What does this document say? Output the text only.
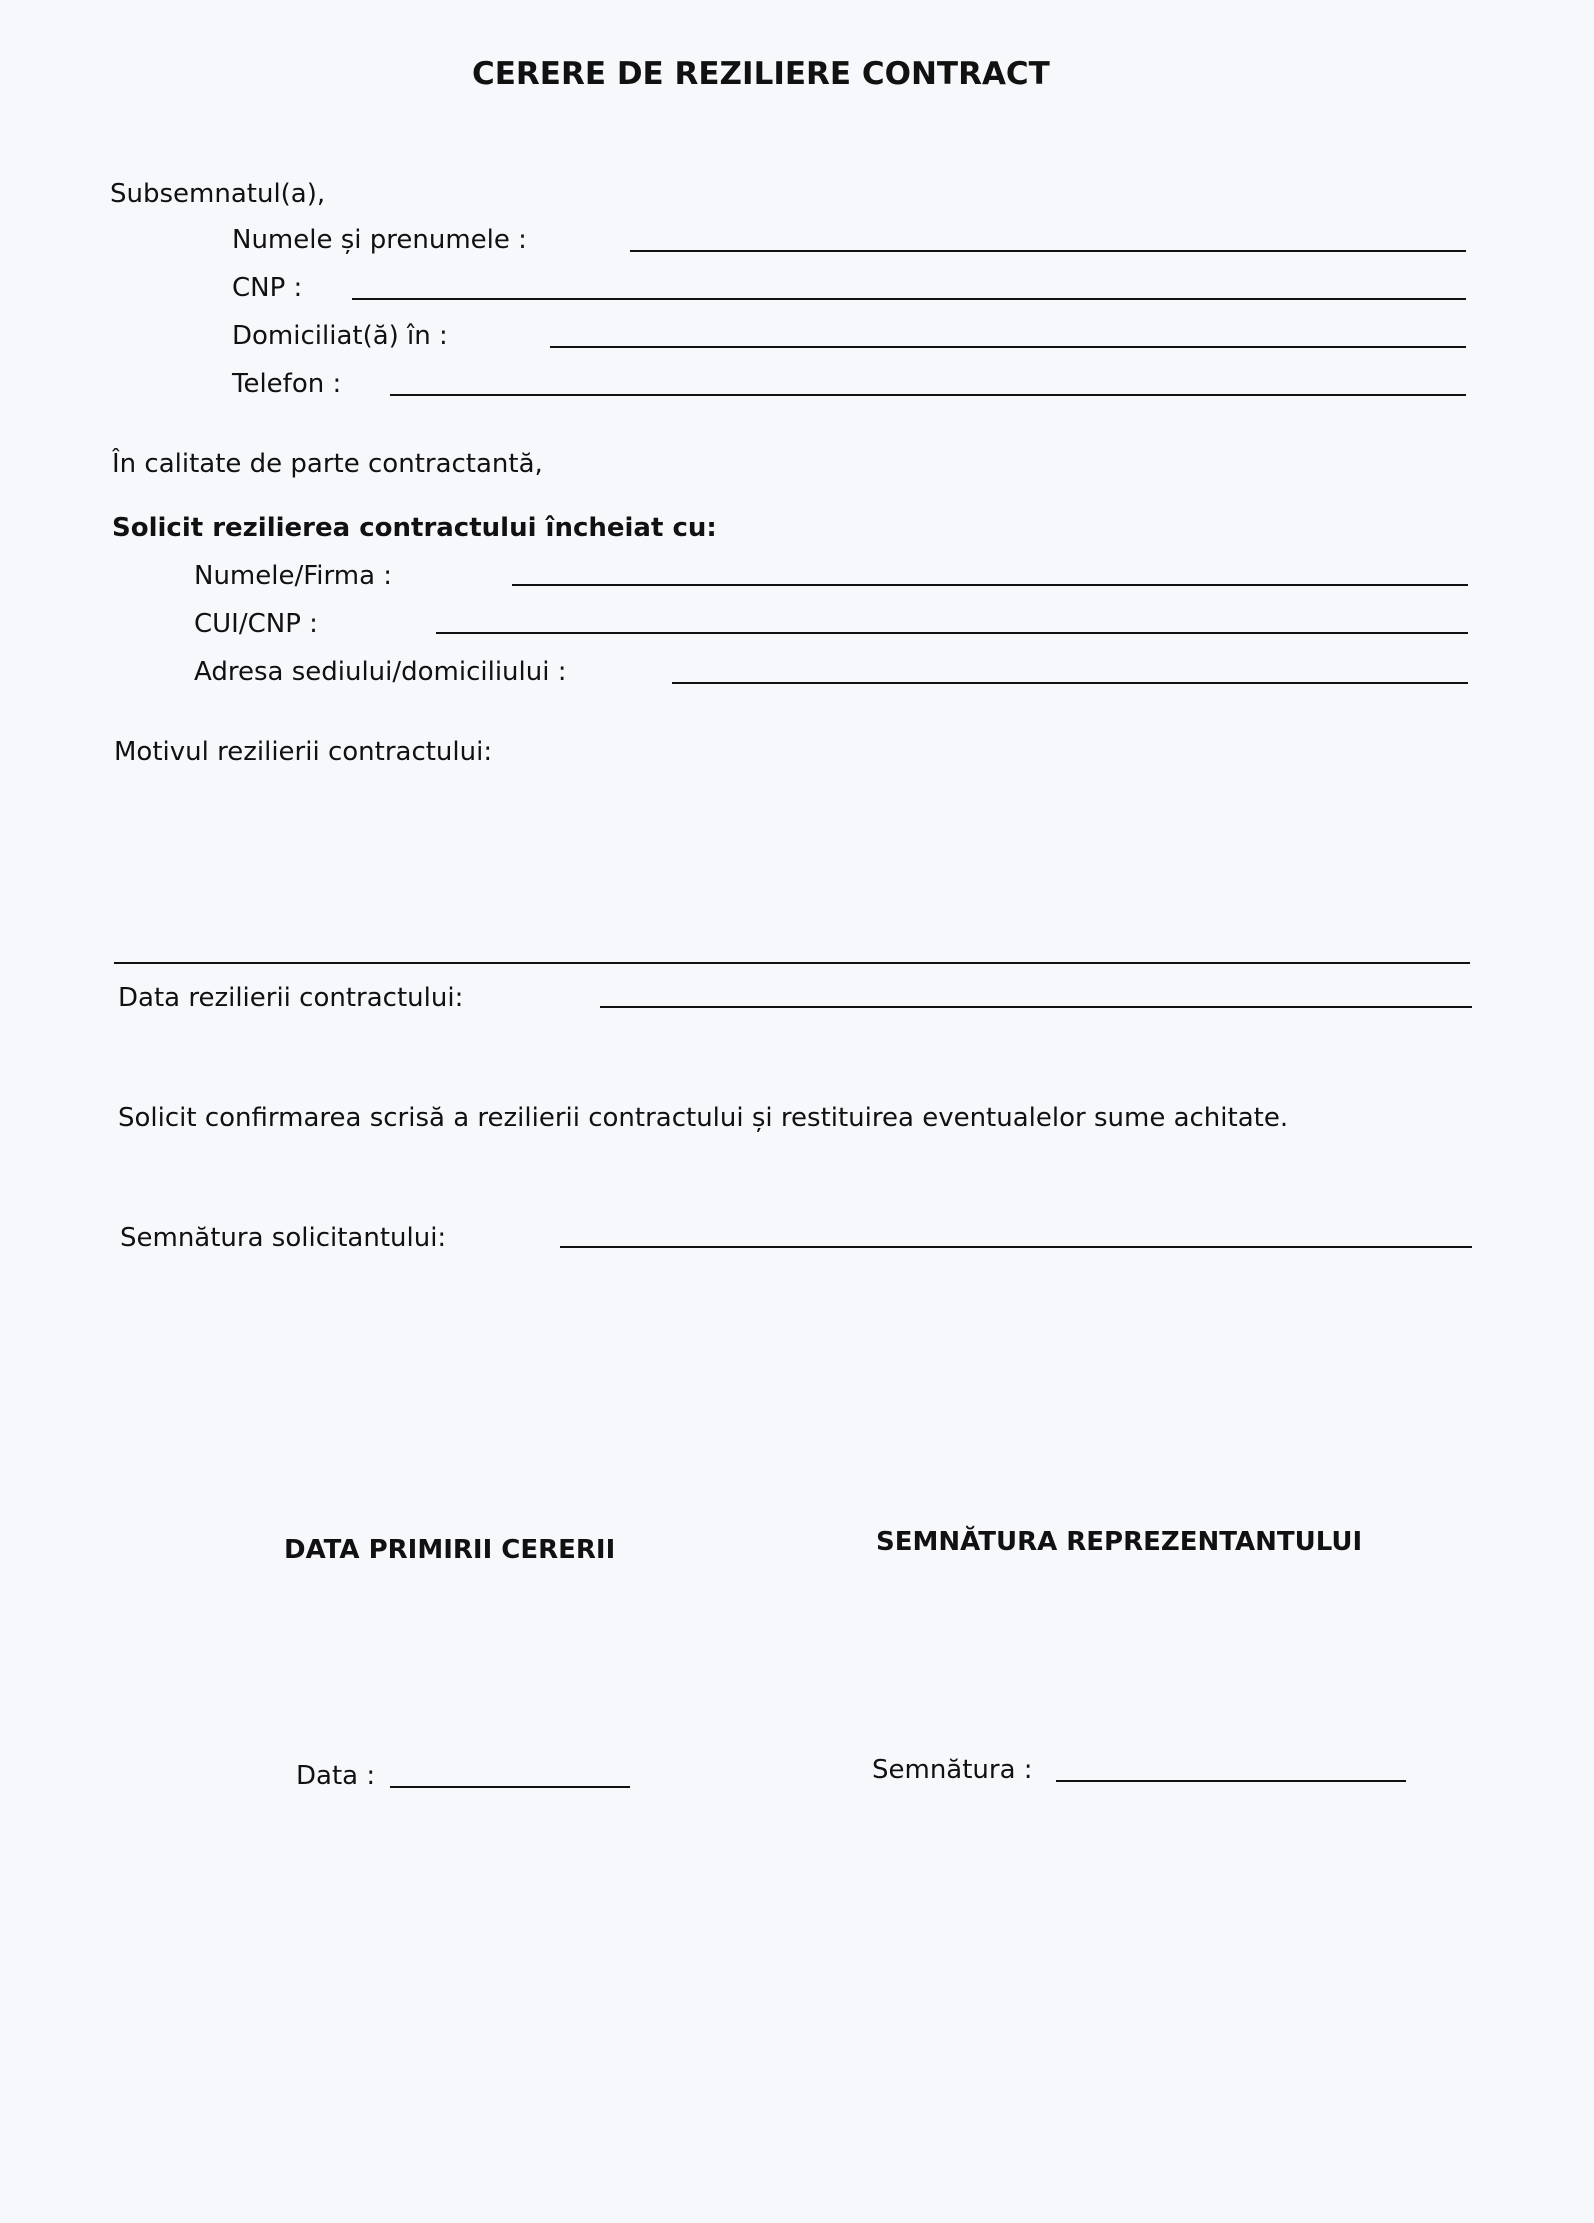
CERERE DE REZILIERE CONTRACT
Subsemnatul(a),
Numele și prenumele :
CNP :
Domiciliat(ă) în :
Telefon :
În calitate de parte contractantă,
Solicit rezilierea contractului încheiat cu:
Numele/Firma :
CUI/CNP :
Adresa sediului/domiciliului :
Motivul rezilierii contractului:
Data rezilierii contractului:
Solicit confirmarea scrisă a rezilierii contractului și restituirea eventualelor sume achitate.
Semnătura solicitantului:
DATA PRIMIRII CERERII	SEMNĂTURA REPREZENTANTULUI
Data :	Semnătura :
